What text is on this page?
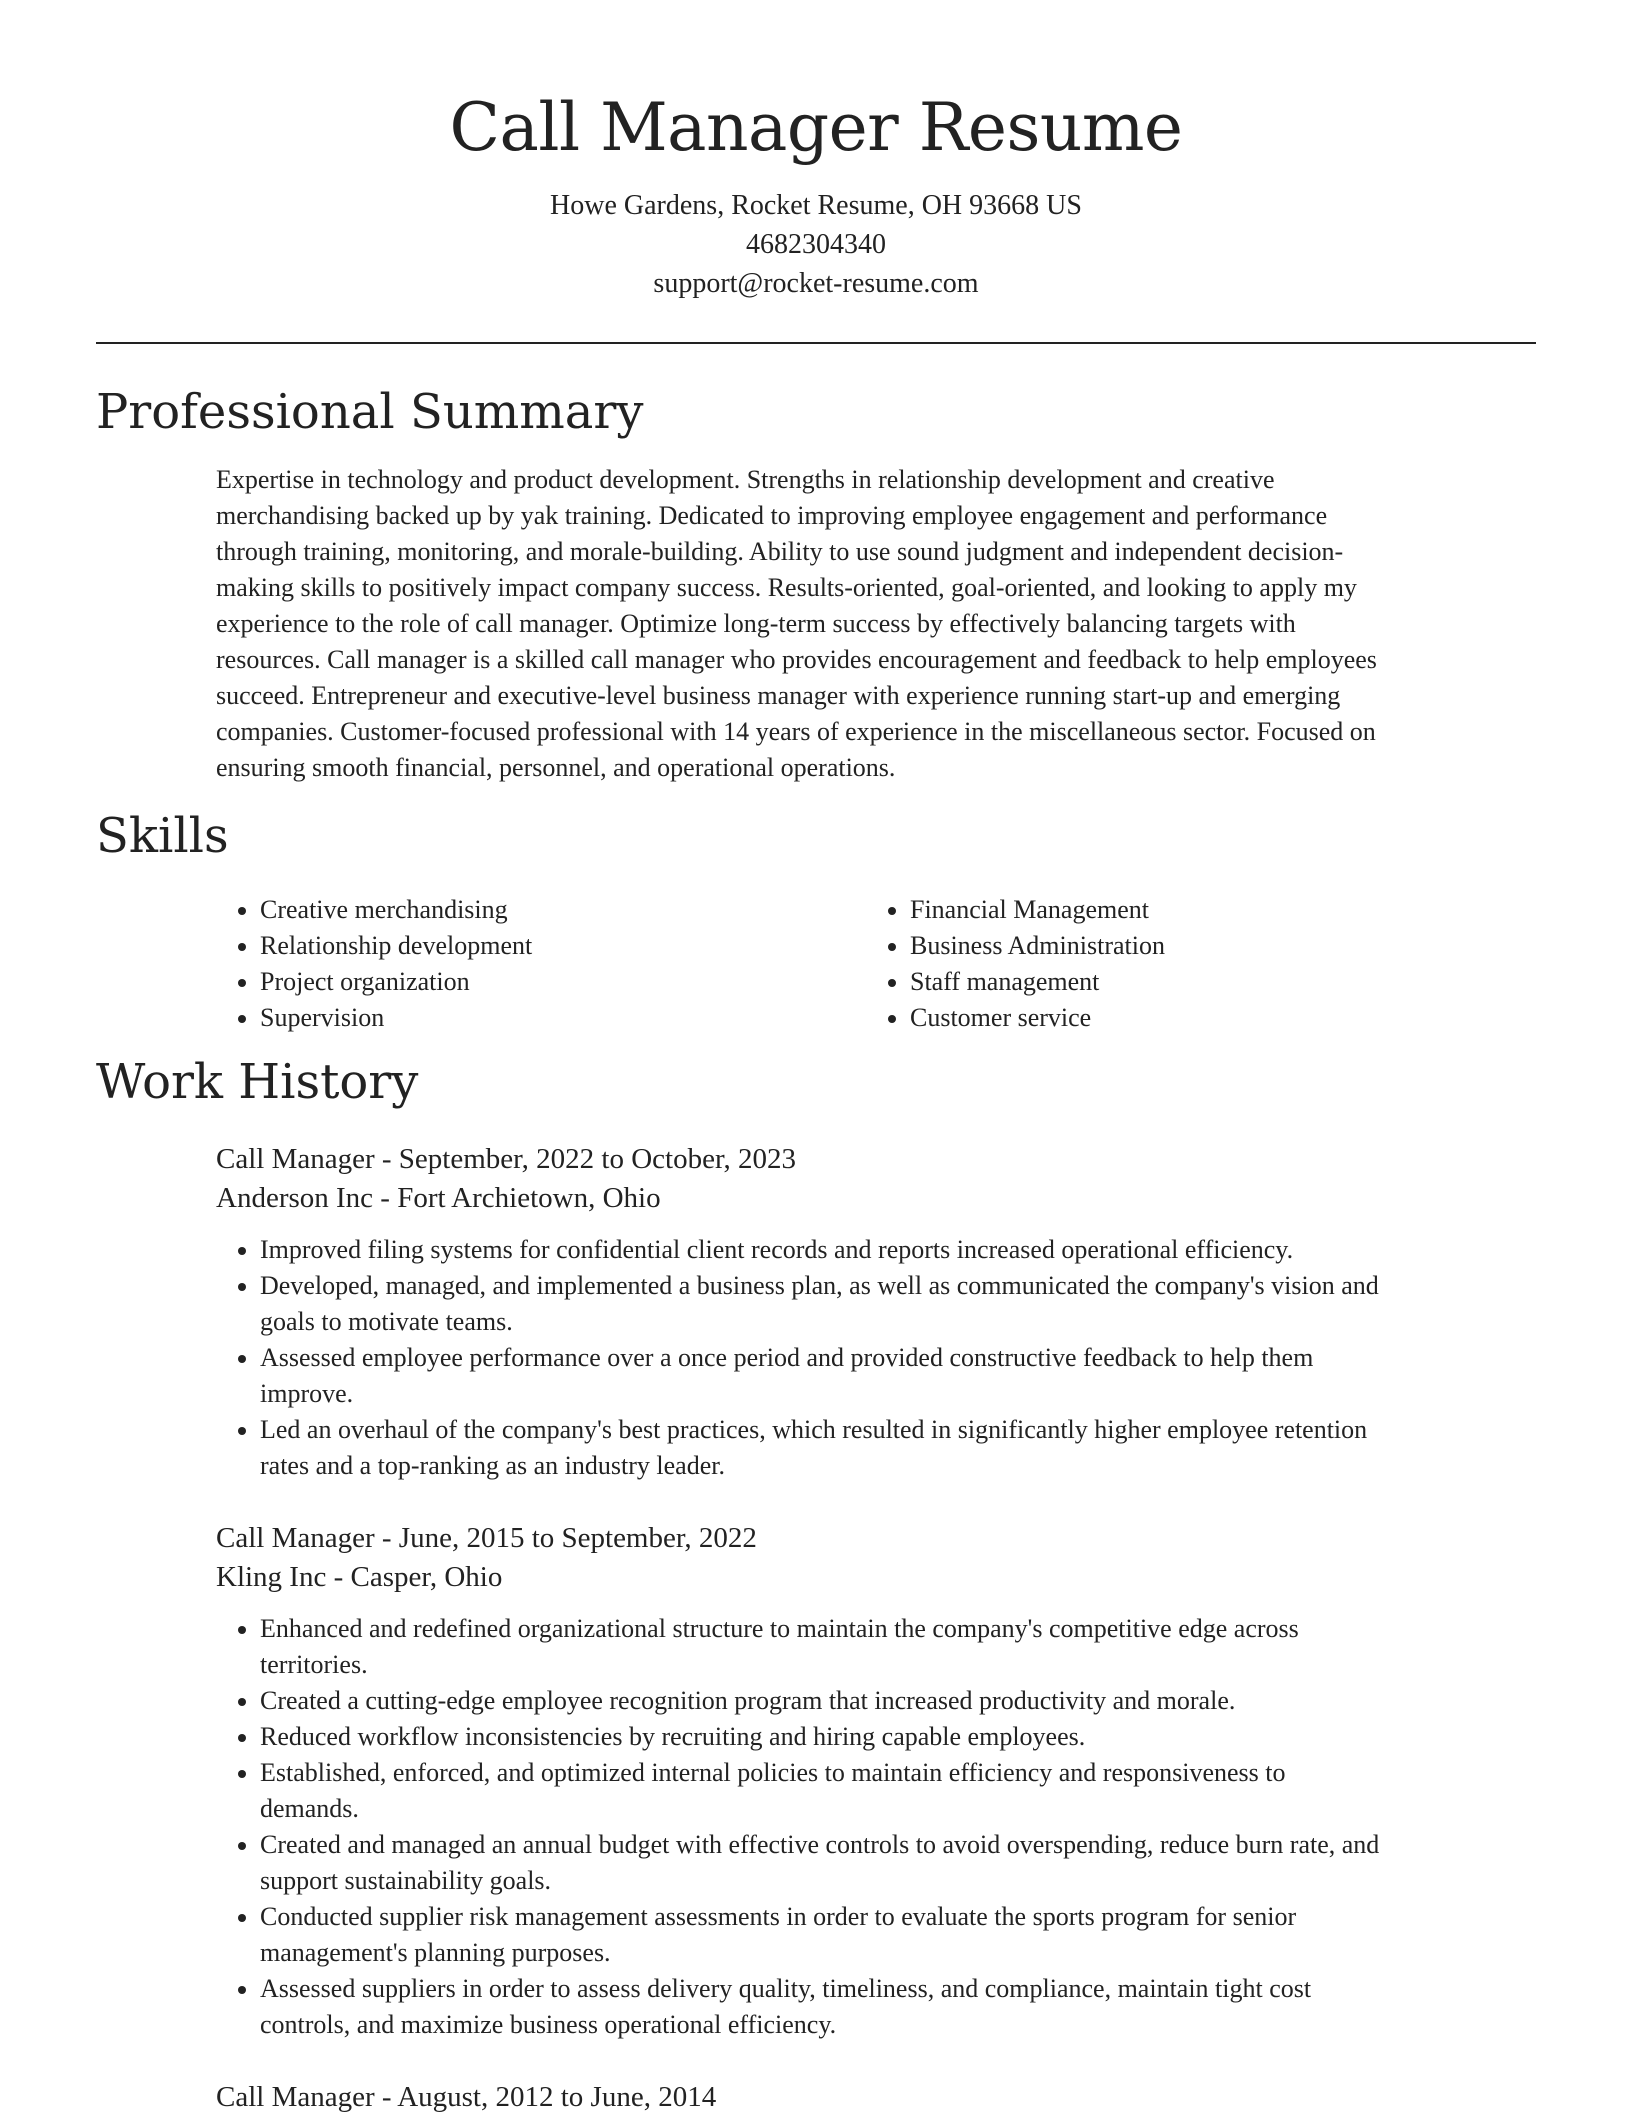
Call Manager Resume
Howe Gardens, Rocket Resume, OH 93668 US
4682304340
support@rocket-resume.com
Professional Summary

Expertise in technology and product development. Strengths in relationship development and creative
merchandising backed up by yak training. Dedicated to improving employee engagement and performance
through training, monitoring, and morale-building. Ability to use sound judgment and independent decision-
making skills to positively impact company success. Results-oriented, goal-oriented, and looking to apply my
experience to the role of call manager. Optimize long-term success by effectively balancing targets with
resources. Call manager is a skilled call manager who provides encouragement and feedback to help employees
succeed. Entrepreneur and executive-level business manager with experience running start-up and emerging
companies. Customer-focused professional with 14 years of experience in the miscellaneous sector. Focused on
ensuring smooth financial, personnel, and operational operations.

Skills
• Creative merchandising
• Relationship development
• Project organization
• Supervision
• Financial Management
• Business Administration
• Staff management
• Customer service
Work History
Call Manager - September, 2022 to October, 2023
Anderson Inc - Fort Archietown, Ohio
• Improved filing systems for confidential client records and reports increased operational efficiency.
• Developed, managed, and implemented a business plan, as well as communicated the company's vision and
goals to motivate teams.
• Assessed employee performance over a once period and provided constructive feedback to help them
improve.
• Led an overhaul of the company's best practices, which resulted in significantly higher employee retention
rates and a top-ranking as an industry leader.
Call Manager - June, 2015 to September, 2022
Kling Inc - Casper, Ohio
• Enhanced and redefined organizational structure to maintain the company's competitive edge across
territories.
• Created a cutting-edge employee recognition program that increased productivity and morale.
• Reduced workflow inconsistencies by recruiting and hiring capable employees.
• Established, enforced, and optimized internal policies to maintain efficiency and responsiveness to
demands.
• Created and managed an annual budget with effective controls to avoid overspending, reduce burn rate, and
support sustainability goals.
• Conducted supplier risk management assessments in order to evaluate the sports program for senior
management's planning purposes.
• Assessed suppliers in order to assess delivery quality, timeliness, and compliance, maintain tight cost
controls, and maximize business operational efficiency.
Call Manager - August, 2012 to June, 2014
